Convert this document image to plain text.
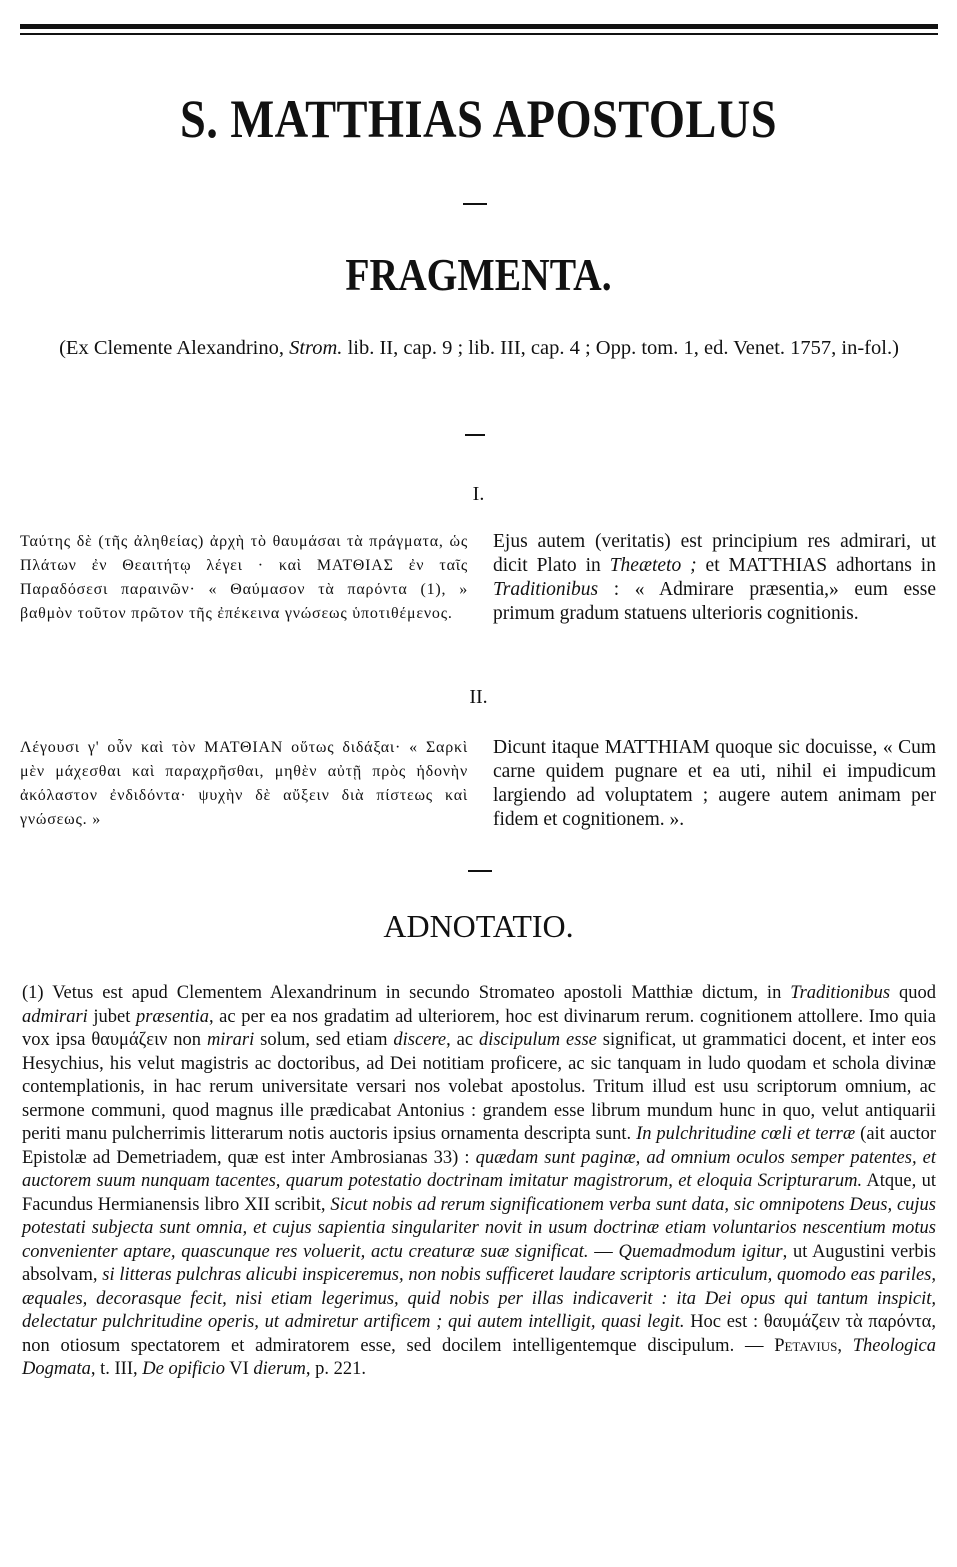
S. MATTHIAS APOSTOLUS
FRAGMENTA.
(Ex Clemente Alexandrino, Strom. lib. II, cap. 9 ; lib. III, cap. 4 ; Opp. tom. 1, ed. Venet. 1757, in-fol.)
I.
Ταύτης δὲ (τῆς ἀληθείας) ἀρχὴ τὸ θαυμάσαι τὰ πράγματα, ὡς Πλάτων ἐν Θεαιτήτῳ λέγει · καὶ ΜΑΤΘΙΑΣ ἐν ταῖς Παραδόσεσι παραινῶν· « Θαύμασον τὰ παρόντα (1), » βαθμὸν τοῦτον πρῶτον τῆς ἐπέκεινα γνώσεως ὑποτιθέμενος.
Ejus autem (veritatis) est principium res admirari, ut dicit Plato in Theæteto ; et MATTHIAS adhortans in Traditionibus : « Admirare præsentia,» eum esse primum gradum statuens ulterioris cognitionis.
II.
Λέγουσι γ' οὖν καὶ τὸν ΜΑΤΘΙΑΝ οὕτως διδάξαι· « Σαρκὶ μὲν μάχεσθαι καὶ παραχρῆσθαι, μηθὲν αὐτῇ πρὸς ἡδονὴν ἀκόλαστον ἐνδιδόντα· ψυχὴν δὲ αὔξειν διὰ πίστεως καὶ γνώσεως. »
Dicunt itaque MATTHIAM quoque sic docuisse, « Cum carne quidem pugnare et ea uti, nihil ei impudicum largiendo ad voluptatem ; augere autem animam per fidem et cognitionem. ».
ADNOTATIO.

(1) Vetus est apud Clementem Alexandrinum in secundo Stromateo apostoli Matthiæ dictum, in Traditionibus quod admirari jubet præsentia, ac per ea nos gradatim ad ulteriorem, hoc est divinarum rerum. cognitionem attollere. Imo quia vox ipsa θαυμάζειν non mirari solum, sed etiam discere, ac discipulum esse significat, ut grammatici docent, et inter eos Hesychius, his velut magistris ac doctoribus, ad Dei notitiam proficere, ac sic tanquam in ludo quodam et schola divinæ contemplationis, in hac rerum universitate versari nos volebat apostolus. Tritum illud est usu scriptorum omnium, ac sermone communi, quod magnus ille prædicabat Antonius : grandem esse librum mundum hunc in quo, velut antiquarii periti manu pulcherrimis litterarum notis auctoris ipsius ornamenta descripta sunt. In pulchritudine cœli et terræ (ait auctor Epistolæ ad Demetriadem, quæ est inter Ambrosianas 33) : quædam sunt paginæ, ad omnium oculos semper patentes, et auctorem suum nunquam tacentes, quarum potestatio doctrinam imitatur magistrorum, et eloquia Scripturarum. Atque, ut Facundus Hermianensis libro XII scribit, Sicut nobis ad rerum significationem verba sunt data, sic omnipotens Deus, cujus potestati subjecta sunt omnia, et cujus sapientia singulariter novit in usum doctrinæ etiam voluntarios nescentium motus convenienter aptare, quascunque res voluerit, actu creaturæ suæ significat. — Quemadmodum igitur, ut Augustini verbis absolvam, si litteras pulchras alicubi inspiceremus, non nobis sufficeret laudare scriptoris articulum, quomodo eas pariles, æquales, decorasque fecit, nisi etiam legerimus, quid nobis per illas indicaverit : ita Dei opus qui tantum inspicit, delectatur pulchritudine operis, ut admiretur artificem ; qui autem intelligit, quasi legit. Hoc est : θαυμάζειν τὰ παρόντα, non otiosum spectatorem et admiratorem esse, sed docilem intelligentemque discipulum. — Petavius, Theologica Dogmata, t. III, De opificio VI dierum, p. 221.
